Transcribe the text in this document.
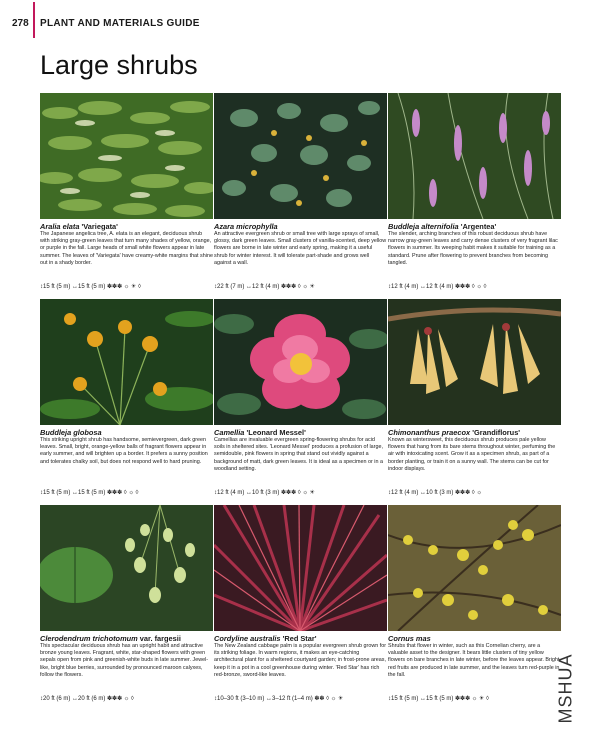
278 PLANT AND MATERIALS GUIDE
Large shrubs
Aralia elata 'Variegata'
The Japanese angelica tree, A. elata is an elegant, deciduous shrub with striking gray-green leaves that turn many shades of yellow, orange, or purple in the fall. Large heads of small white flowers appear in late summer. The leaves of 'Variegata' have creamy-white margins that shine out in a shady border.
↕15 ft (5 m) ↔15 ft (5 m) ✽✽✽ ☼ ☀ ◊
Azara microphylla
An attractive evergreen shrub or small tree with large sprays of small, glossy, dark green leaves. Small clusters of vanilla-scented, deep yellow flowers are borne in late winter and early spring, making it a useful shrub for winter interest. It will tolerate part-shade and grows well against a wall.
↕22 ft (7 m) ↔12 ft (4 m) ✽✽✽ ◊ ☼ ☀
Buddleja alternifolia 'Argentea'
The slender, arching branches of this robust deciduous shrub have narrow gray-green leaves and carry dense clusters of very fragrant lilac flowers in summer. Its weeping habit makes it suitable for training as a standard. Prune after flowering to prevent branches from becoming tangled.
↕12 ft (4 m) ↔12 ft (4 m) ✽✽✽ ◊ ☼ ◊
Buddleja globosa
This striking upright shrub has handsome, semievergreen, dark green leaves. Small, bright, orange-yellow balls of fragrant flowers appear in early summer, and will brighten up a border. It prefers a sunny position and tolerates chalky soil, but does not respond well to hard pruning.
↕15 ft (5 m) ↔15 ft (5 m) ✽✽✽ ◊ ☼ ◊
Camellia 'Leonard Messel'
Camellias are invaluable evergreen spring-flowering shrubs for acid soils in sheltered sites. 'Leonard Messel' produces a profusion of large, semidouble, pink flowers in spring that stand out vividly against a background of matt, dark green leaves. It is ideal as a specimen or in a woodland setting.
↕12 ft (4 m) ↔10 ft (3 m) ✽✽✽ ◊ ☼ ☀
Chimonanthus praecox 'Grandiflorus'
Known as wintersweet, this deciduous shrub produces pale yellow flowers that hang from its bare stems throughout winter, perfuming the air with intoxicating scent. Grow it as a specimen shrub, as part of a border planting, or train it on a sunny wall. The stems can be cut for indoor displays.
↕12 ft (4 m) ↔10 ft (3 m) ✽✽✽ ◊ ☼
Clerodendrum trichotomum var. fargesii
This spectacular deciduous shrub has an upright habit and attractive bronze young leaves. Fragrant, white, star-shaped flowers with green sepals open from pink and greenish-white buds in late summer. Jewel-like, bright blue berries, surrounded by pronounced maroon calyxes, follow the flowers.
↕20 ft (6 m) ↔20 ft (6 m) ✽✽✽ ☼ ◊
Cordyline australis 'Red Star'
The New Zealand cabbage palm is a popular evergreen shrub grown for its striking foliage. In warm regions, it makes an eye-catching architectural plant for a sheltered courtyard garden; in frost-prone areas, keep it in a pot in a cool greenhouse during winter. 'Red Star' has rich red-bronze, sword-like leaves.
↕10–30 ft (3–10 m) ↔3–12 ft (1–4 m) ✽✽ ◊ ☼ ☀
Cornus mas
Shrubs that flower in winter, such as this Cornelian cherry, are a valuable asset to the designer. It bears little clusters of tiny yellow flowers on bare branches in late winter, before the leaves appear. Bright red fruits are produced in late summer, and the leaves turn red-purple in the fall.
↕15 ft (5 m) ↔15 ft (5 m) ✽✽✽ ☼ ☀ ◊	MSHUA
